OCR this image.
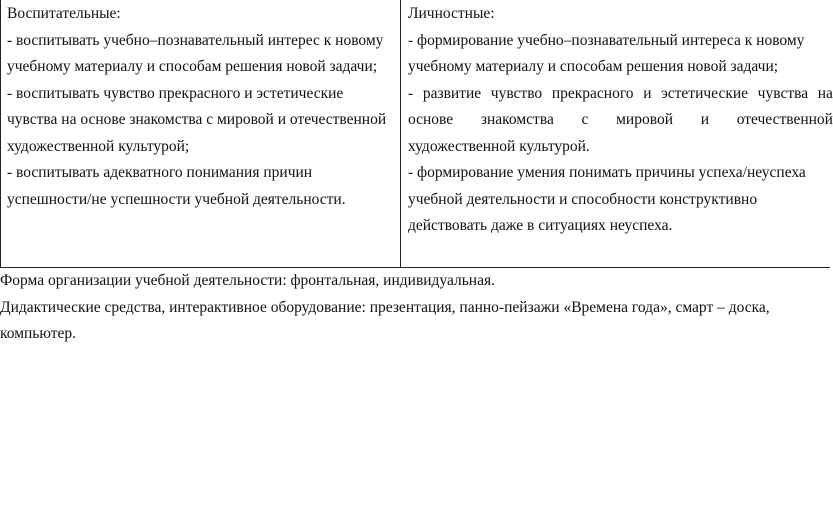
Воспитательные:
- воспитывать учебно–познавательный интерес к новому
учебному материалу и способам решения новой задачи;
- воспитывать чувство прекрасного и эстетические
чувства на основе знакомства с мировой и отечественной
художественной культурой;
- воспитывать адекватного понимания причин
успешности/не успешности учебной деятельности.
Личностные:
- формирование учебно–познавательный интереса к новому
учебному материалу и способам решения новой задачи;
- развитие чувство прекрасного и эстетические чувства на
основе знакомства с мировой и отечественной
художественной культурой.
- формирование умения понимать причины успеха/неуспеха
учебной деятельности и способности конструктивно
действовать даже в ситуациях неуспеха.
Форма организации учебной деятельности: фронтальная, индивидуальная.
Дидактические средства, интерактивное оборудование: презентация, панно-пейзажи «Времена года», смарт – доска,
компьютер.
